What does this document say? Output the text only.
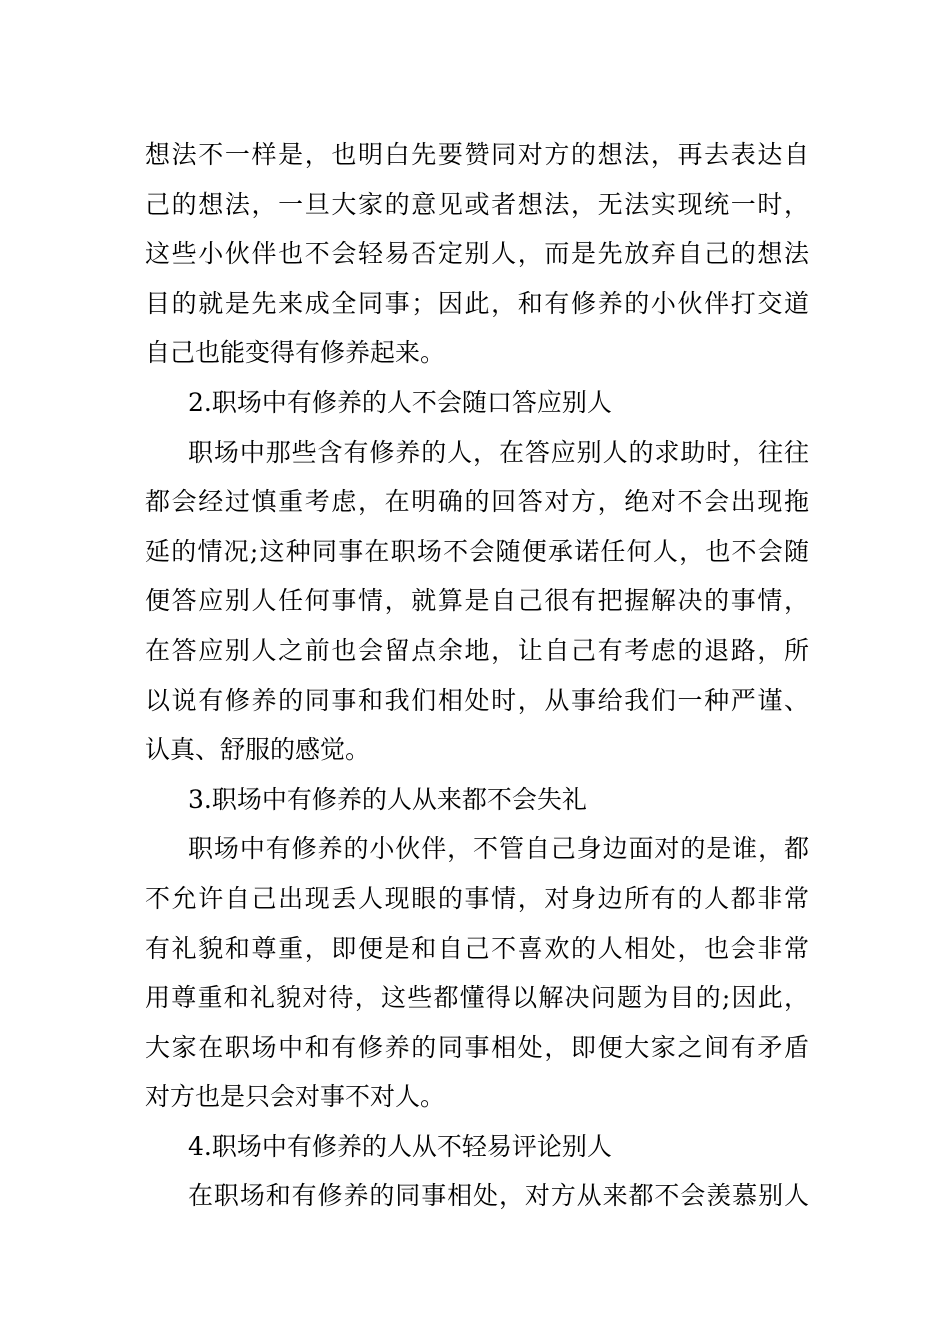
想法不一样是，也明白先要赞同对方的想法，再去表达自
己的想法，一旦大家的意见或者想法，无法实现统一时，
这些小伙伴也不会轻易否定别人，而是先放弃自己的想法
目的就是先来成全同事；因此，和有修养的小伙伴打交道
自己也能变得有修养起来。
2.职场中有修养的人不会随口答应别人
职场中那些含有修养的人，在答应别人的求助时，往往
都会经过慎重考虑，在明确的回答对方，绝对不会出现拖
延的情况;这种同事在职场不会随便承诺任何人，也不会随
便答应别人任何事情，就算是自己很有把握解决的事情，
在答应别人之前也会留点余地，让自己有考虑的退路，所
以说有修养的同事和我们相处时，从事给我们一种严谨、
认真、舒服的感觉。
3.职场中有修养的人从来都不会失礼
职场中有修养的小伙伴，不管自己身边面对的是谁，都
不允许自己出现丢人现眼的事情，对身边所有的人都非常
有礼貌和尊重，即便是和自己不喜欢的人相处，也会非常
用尊重和礼貌对待，这些都懂得以解决问题为目的;因此，
大家在职场中和有修养的同事相处，即便大家之间有矛盾
对方也是只会对事不对人。
4.职场中有修养的人从不轻易评论别人
在职场和有修养的同事相处，对方从来都不会羡慕别人
